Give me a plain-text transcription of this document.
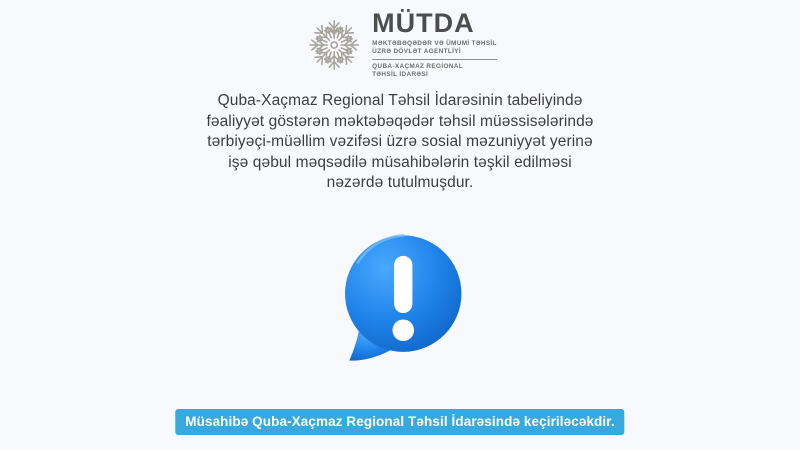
MÜTDA
MƏKTƏBƏQƏDƏR VƏ ÜMUMİ TƏHSİL
ÜZRƏ DÖVLƏT AGENTLİYİ
QUBA-XAÇMAZ REGİONAL
TƏHSİL İDARƏSİ

Quba-Xaçmaz Regional Təhsil İdarəsinin tabeliyində fəaliyyət göstərən məktəbəqədər təhsil müəssisələrində tərbiyəçi-müəllim vəzifəsi üzrə sosial məzuniyyət yerinə işə qəbul məqsədilə müsahibələrin təşkil edilməsi nəzərdə tutulmuşdur.

Müsahibə Quba-Xaçmaz Regional Təhsil İdarəsində keçiriləcəkdir.
